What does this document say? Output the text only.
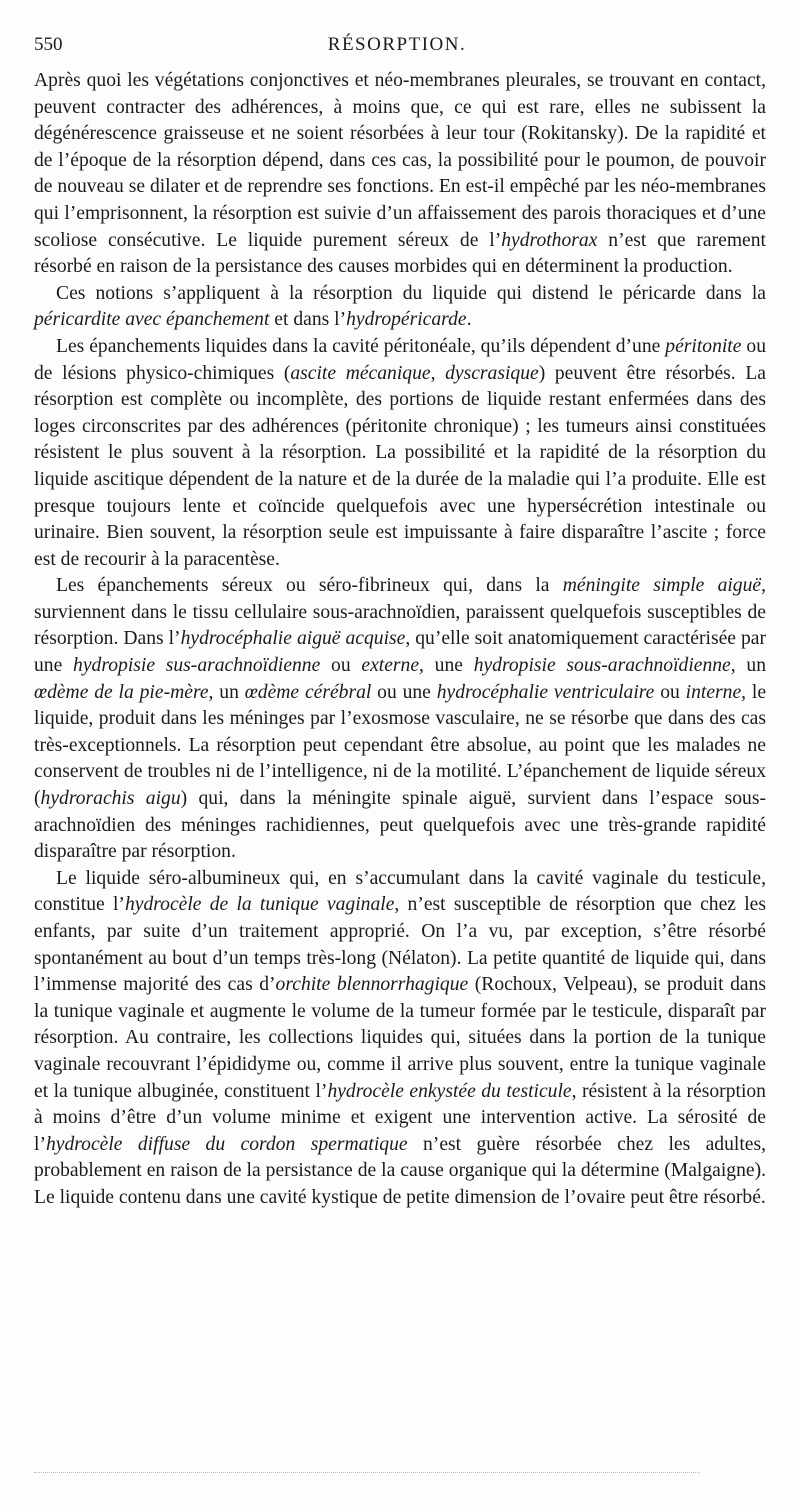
550	RÉSORPTION.

Après quoi les végétations conjonctives et néo-membranes pleurales, se trouvant en contact, peuvent contracter des adhérences, à moins que, ce qui est rare, elles ne subissent la dégénérescence graisseuse et ne soient résorbées à leur tour (Rokitansky). De la rapidité et de l’époque de la résorption dépend, dans ces cas, la possibilité pour le poumon, de pouvoir de nouveau se dilater et de reprendre ses fonctions. En est-il empêché par les néo-membranes qui l’emprisonnent, la résorption est suivie d’un affaissement des parois thoraciques et d’une scoliose consécutive. Le liquide purement séreux de l’hydrothorax n’est que rarement résorbé en raison de la persistance des causes morbides qui en déterminent la production.

Ces notions s’appliquent à la résorption du liquide qui distend le péricarde dans la péricardite avec épanchement et dans l’hydropéricarde.

Les épanchements liquides dans la cavité péritonéale, qu’ils dépendent d’une péritonite ou de lésions physico-chimiques (ascite mécanique, dyscrasique) peuvent être résorbés. La résorption est complète ou incomplète, des portions de liquide restant enfermées dans des loges circonscrites par des adhérences (péritonite chronique) ; les tumeurs ainsi constituées résistent le plus souvent à la résorption. La possibilité et la rapidité de la résorption du liquide ascitique dépendent de la nature et de la durée de la maladie qui l’a produite. Elle est presque toujours lente et coïncide quelquefois avec une hypersécrétion intestinale ou urinaire. Bien souvent, la résorption seule est impuissante à faire disparaître l’ascite ; force est de recourir à la paracentèse.

Les épanchements séreux ou séro-fibrineux qui, dans la méningite simple aiguë, surviennent dans le tissu cellulaire sous-arachnoïdien, paraissent quelquefois susceptibles de résorption. Dans l’hydrocéphalie aiguë acquise, qu’elle soit anatomiquement caractérisée par une hydropisie sus-arachnoïdienne ou externe, une hydropisie sous-arachnoïdienne, un œdème de la pie-mère, un œdème cérébral ou une hydrocéphalie ventriculaire ou interne, le liquide, produit dans les méninges par l’exosmose vasculaire, ne se résorbe que dans des cas très-exceptionnels. La résorption peut cependant être absolue, au point que les malades ne conservent de troubles ni de l’intelligence, ni de la motilité. L’épanchement de liquide séreux (hydrorachis aigu) qui, dans la méningite spinale aiguë, survient dans l’espace sous-arachnoïdien des méninges rachidiennes, peut quelquefois avec une très-grande rapidité disparaître par résorption.

Le liquide séro-albumineux qui, en s’accumulant dans la cavité vaginale du testicule, constitue l’hydrocèle de la tunique vaginale, n’est susceptible de résorption que chez les enfants, par suite d’un traitement approprié. On l’a vu, par exception, s’être résorbé spontanément au bout d’un temps très-long (Nélaton). La petite quantité de liquide qui, dans l’immense majorité des cas d’orchite blennorrhagique (Rochoux, Velpeau), se produit dans la tunique vaginale et augmente le volume de la tumeur formée par le testicule, disparaît par résorption. Au contraire, les collections liquides qui, situées dans la portion de la tunique vaginale recouvrant l’épididyme ou, comme il arrive plus souvent, entre la tunique vaginale et la tunique albuginée, constituent l’hydrocèle enkystée du testicule, résistent à la résorption à moins d’être d’un volume minime et exigent une intervention active. La sérosité de l’hydrocèle diffuse du cordon spermatique n’est guère résorbée chez les adultes, probablement en raison de la persistance de la cause organique qui la détermine (Malgaigne). Le liquide contenu dans une cavité kystique de petite dimension de l’ovaire peut être résorbé.
